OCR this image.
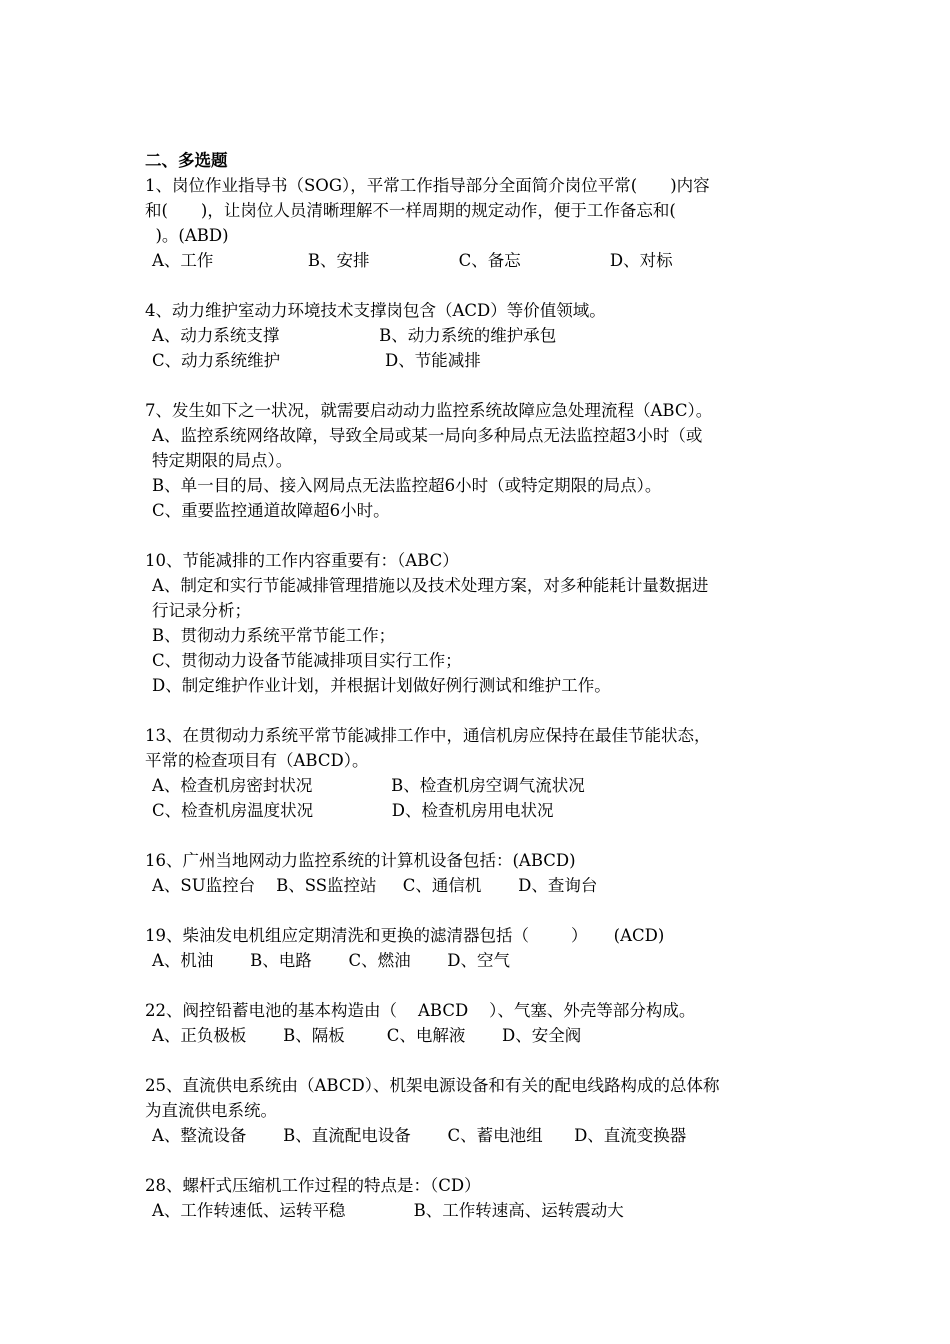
二、多选题
1、岗位作业指导书（SOG），平常工作指导部分全面简介岗位平常(　　)内容
和(　　)，让岗位人员清晰理解不一样周期的规定动作，便于工作备忘和(
)。(ABD)
A、工作                  B、安排                 C、备忘                 D、对标
4、动力维护室动力环境技术支撑岗包含（ACD）等价值领域。
A、动力系统支撑                   B、动力系统的维护承包
C、动力系统维护                    D、节能减排
7、发生如下之一状况，就需要启动动力监控系统故障应急处理流程（ABC）。
A、监控系统网络故障，导致全局或某一局向多种局点无法监控超3小时（或
特定期限的局点）。
B、单一目的局、接入网局点无法监控超6小时（或特定期限的局点）。
C、重要监控通道故障超6小时。
10、节能减排的工作内容重要有：（ABC）
A、制定和实行节能减排管理措施以及技术处理方案，对多种能耗计量数据进
行记录分析；
B、贯彻动力系统平常节能工作；
C、贯彻动力设备节能减排项目实行工作；
D、制定维护作业计划，并根据计划做好例行测试和维护工作。
13、在贯彻动力系统平常节能减排工作中，通信机房应保持在最佳节能状态，
平常的检查项目有（ABCD）。
A、检查机房密封状况               B、检查机房空调气流状况
C、检查机房温度状况               D、检查机房用电状况
16、广州当地网动力监控系统的计算机设备包括：(ABCD)
A、SU监控台    B、SS监控站     C、通信机       D、查询台
19、柴油发电机组应定期清洗和更换的滤清器包括（        ）     (ACD)
A、机油       B、电路       C、燃油       D、空气
22、阀控铅蓄电池的基本构造由（    ABCD    ）、气塞、外壳等部分构成。
A、正负极板       B、隔板        C、电解液       D、安全阀
25、直流供电系统由（ABCD）、机架电源设备和有关的配电线路构成的总体称
为直流供电系统。
A、整流设备       B、直流配电设备       C、蓄电池组      D、直流变换器
28、螺杆式压缩机工作过程的特点是：（CD）
A、工作转速低、运转平稳             B、工作转速高、运转震动大
